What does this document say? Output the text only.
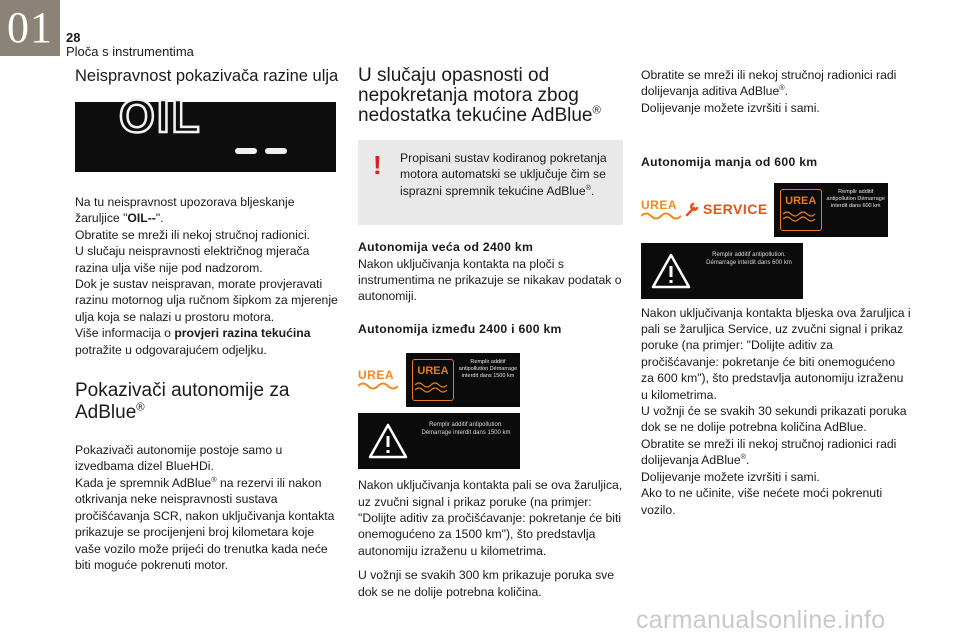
01	28
Ploča s instrumentima
Neispravnost pokazivača razine ulja
OIL

Na tu neispravnost upozorava bljeskanje žaruljice "OIL--".

Obratite se mreži ili nekoj stručnoj radionici.

U slučaju neispravnosti električnog mjerača razina ulja više nije pod nadzorom.

Dok je sustav neispravan, morate provjeravati razinu motornog ulja ručnom šipkom za mjerenje ulja koja se nalazi u prostoru motora.

Više informacija o provjeri razina tekućina potražite u odgovarajućem odjeljku.

Pokazivači autonomije za AdBlue®

Pokazivači autonomije postoje samo u izvedbama dizel BlueHDi.

Kada je spremnik AdBlue® na rezervi ili nakon otkrivanja neke neispravnosti sustava pročišćavanja SCR, nakon uključivanja kontakta prikazuje se procijenjeni broj kilometara koje vaše vozilo može prijeći do trenutka kada neće biti moguće pokrenuti motor.

U slučaju opasnosti od nepokretanja motora zbog nedostatka tekućine AdBlue®
! Propisani sustav kodiranog pokretanja motora automatski se uključuje čim se isprazni spremnik tekućine AdBlue®.

Autonomija veća od 2400 km

Nakon uključivanja kontakta na ploči s instrumentima ne prikazuje se nikakav podatak o autonomiji.

Autonomija između 2400 i 600 km

UREA	UREA
Remplir additif antipollution Démarrage interdit dans 1500 km
Remplir additif antipollution. Démarrage interdit dans 1500 km

Nakon uključivanja kontakta pali se ova žaruljica, uz zvučni signal i prikaz poruke (na primjer: "Dolijte aditiv za pročišćavanje: pokretanje će biti onemogućeno za 1500 km"), što predstavlja autonomiju izraženu u kilometrima.

U vožnji se svakih 300 km prikazuje poruka sve dok se ne dolije potrebna količina.

Obratite se mreži ili nekoj stručnoj radionici radi dolijevanja aditiva AdBlue®.

Dolijevanje možete izvršiti i sami.

Autonomija manja od 600 km

UREA SERVICE
UREA
Remplir additif antipollution Démarrage interdit dans 600 km
Remplir additif antipollution. Démarrage interdit dans 600 km

Nakon uključivanja kontakta bljeska ova žaruljica i pali se žaruljica Service, uz zvučni signal i prikaz poruke (na primjer: "Dolijte aditiv za pročišćavanje: pokretanje će biti onemogućeno za 600 km"), što predstavlja autonomiju izraženu u kilometrima.

U vožnji će se svakih 30 sekundi prikazati poruka dok se ne dolije potrebna količina AdBlue.

Obratite se mreži ili nekoj stručnoj radionici radi dolijevanja AdBlue®.

Dolijevanje možete izvršiti i sami.

Ako to ne učinite, više nećete moći pokrenuti vozilo.

carmanualsonline.info
